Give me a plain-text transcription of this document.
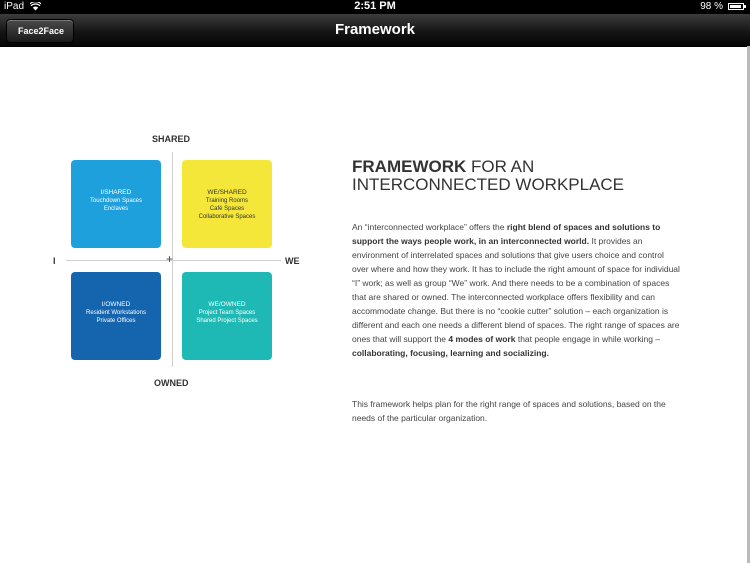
iPad	2:51 PM	98 %
Face2Face	Framework
SHARED
OWNED
I	WE
+
I/SHARED
Touchdown Spaces
Enclaves
WE/SHARED
Training Rooms
Café Spaces
Collaborative Spaces
I/OWNED
Resident Workstations
Private Offices
WE/OWNED
Project Team Spaces
Shared Project Spaces
FRAMEWORK FOR AN
INTERCONNECTED WORKPLACE
An “interconnected workplace” offers the right blend of spaces and solutions to support the ways people work, in an interconnected world. It provides an environment of interrelated spaces and solutions that give users choice and control over where and how they work. It has to include the right amount of space for individual “I” work; as well as group “We” work. And there needs to be a combination of spaces that are shared or owned. The interconnected workplace offers flexibility and can accommodate change. But there is no “cookie cutter” solution – each organization is different and each one needs a different blend of spaces. The right range of spaces are ones that will support the 4 modes of work that people engage in while working – collaborating, focusing, learning and socializing.
This framework helps plan for the right range of spaces and solutions, based on the needs of the particular organization.
